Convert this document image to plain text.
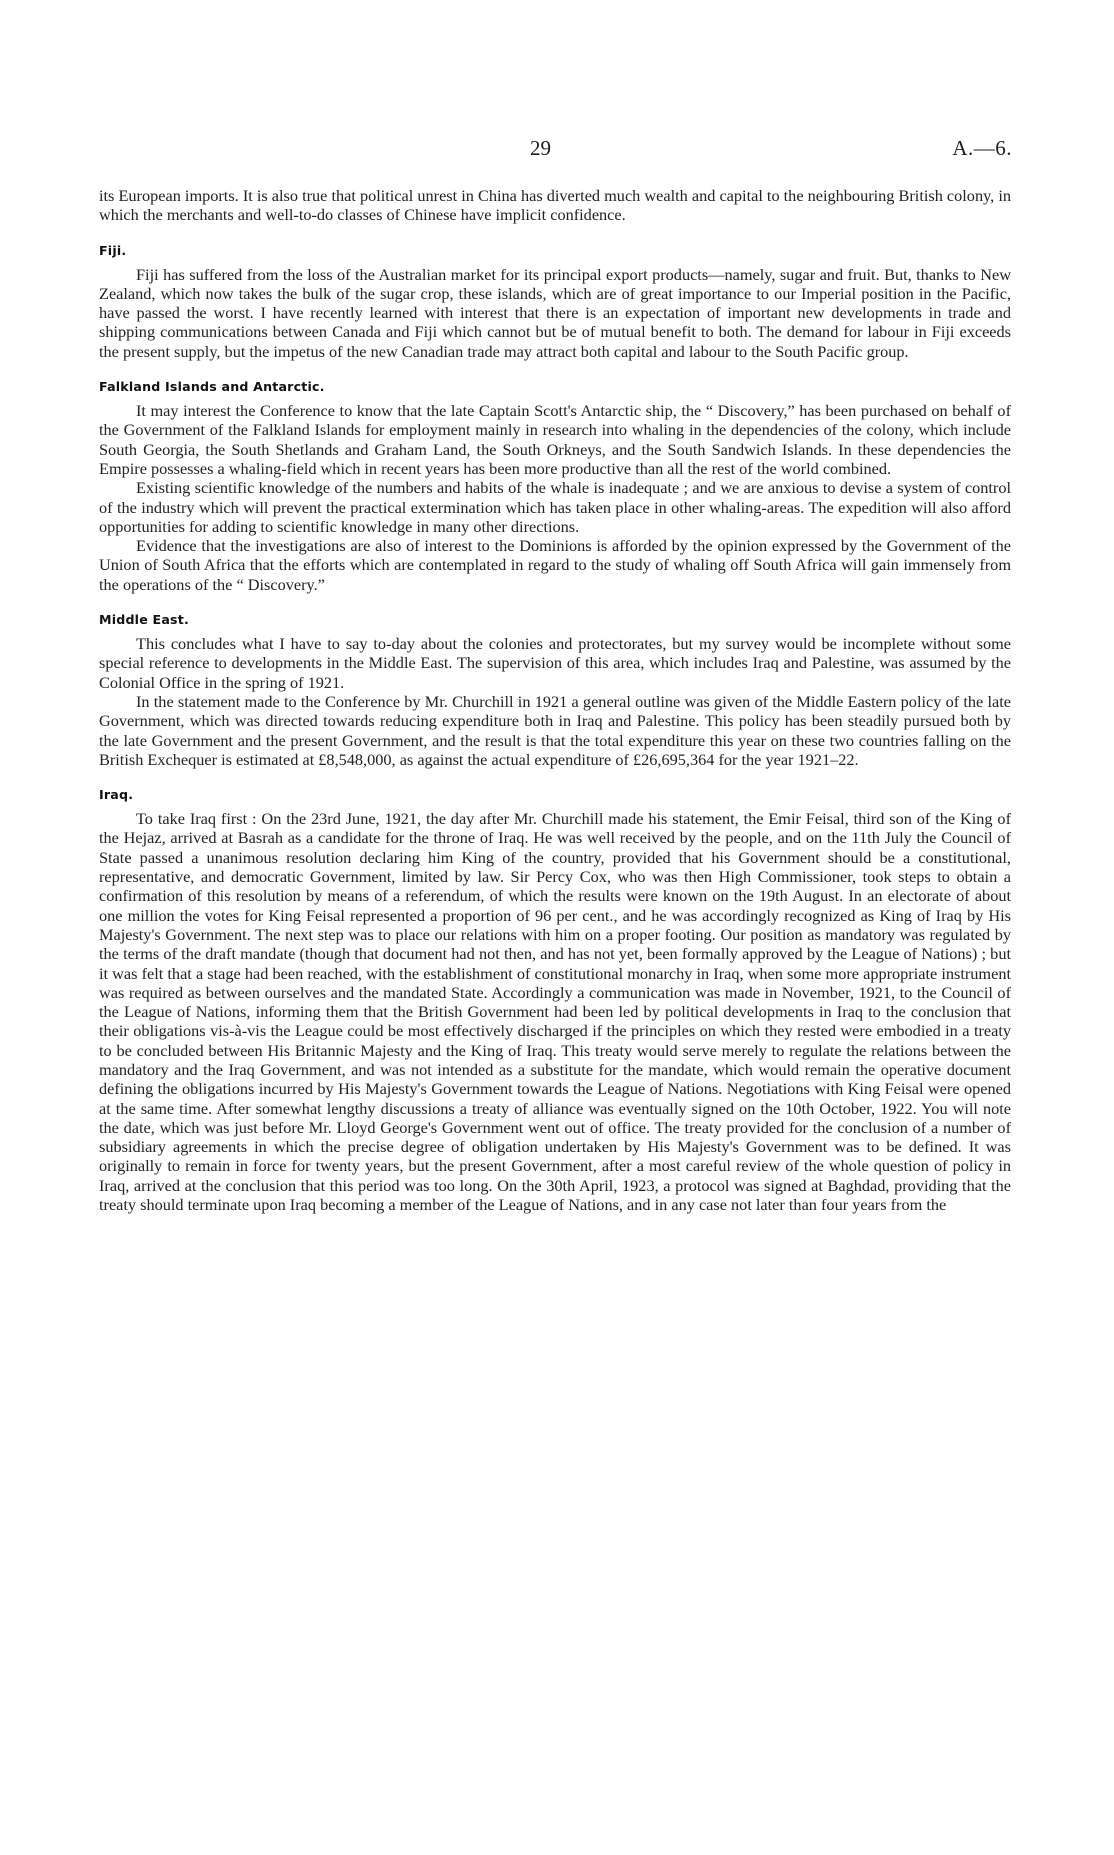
29	A.—6.

its European imports. It is also true that political unrest in China has diverted much wealth and capital to the neighbouring British colony, in which the merchants and well-to-do classes of Chinese have implicit confidence.

Fiji.

Fiji has suffered from the loss of the Australian market for its principal export products—namely, sugar and fruit. But, thanks to New Zealand, which now takes the bulk of the sugar crop, these islands, which are of great importance to our Imperial position in the Pacific, have passed the worst. I have recently learned with interest that there is an expectation of important new developments in trade and shipping communications between Canada and Fiji which cannot but be of mutual benefit to both. The demand for labour in Fiji exceeds the present supply, but the impetus of the new Canadian trade may attract both capital and labour to the South Pacific group.

Falkland Islands and Antarctic.

It may interest the Conference to know that the late Captain Scott's Antarctic ship, the “ Discovery,” has been purchased on behalf of the Government of the Falkland Islands for employment mainly in research into whaling in the dependencies of the colony, which include South Georgia, the South Shetlands and Graham Land, the South Orkneys, and the South Sandwich Islands. In these dependencies the Empire possesses a whaling-field which in recent years has been more productive than all the rest of the world combined.

Existing scientific knowledge of the numbers and habits of the whale is inadequate ; and we are anxious to devise a system of control of the industry which will prevent the practical extermination which has taken place in other whaling-areas. The expedition will also afford opportunities for adding to scientific knowledge in many other directions.

Evidence that the investigations are also of interest to the Dominions is afforded by the opinion expressed by the Government of the Union of South Africa that the efforts which are contemplated in regard to the study of whaling off South Africa will gain immensely from the operations of the “ Discovery.”

Middle East.

This concludes what I have to say to-day about the colonies and protectorates, but my survey would be incomplete without some special reference to developments in the Middle East. The supervision of this area, which includes Iraq and Palestine, was assumed by the Colonial Office in the spring of 1921.

In the statement made to the Conference by Mr. Churchill in 1921 a general outline was given of the Middle Eastern policy of the late Government, which was directed towards reducing expenditure both in Iraq and Palestine. This policy has been steadily pursued both by the late Government and the present Government, and the result is that the total expenditure this year on these two countries falling on the British Exchequer is estimated at £8,548,000, as against the actual expenditure of £26,695,364 for the year 1921–22.

Iraq.

To take Iraq first : On the 23rd June, 1921, the day after Mr. Churchill made his statement, the Emir Feisal, third son of the King of the Hejaz, arrived at Basrah as a candidate for the throne of Iraq. He was well received by the people, and on the 11th July the Council of State passed a unanimous resolution declaring him King of the country, provided that his Government should be a constitutional, representative, and democratic Government, limited by law. Sir Percy Cox, who was then High Commissioner, took steps to obtain a confirmation of this resolution by means of a referendum, of which the results were known on the 19th August. In an electorate of about one million the votes for King Feisal represented a proportion of 96 per cent., and he was accordingly recognized as King of Iraq by His Majesty's Government. The next step was to place our relations with him on a proper footing. Our position as mandatory was regulated by the terms of the draft mandate (though that document had not then, and has not yet, been formally approved by the League of Nations) ; but it was felt that a stage had been reached, with the establishment of constitutional monarchy in Iraq, when some more appropriate instrument was required as between ourselves and the mandated State. Accordingly a communication was made in November, 1921, to the Council of the League of Nations, informing them that the British Government had been led by political developments in Iraq to the conclusion that their obligations vis-à-vis the League could be most effectively discharged if the principles on which they rested were embodied in a treaty to be concluded between His Britannic Majesty and the King of Iraq. This treaty would serve merely to regulate the relations between the mandatory and the Iraq Government, and was not intended as a substitute for the mandate, which would remain the operative document defining the obligations incurred by His Majesty's Government towards the League of Nations. Negotiations with King Feisal were opened at the same time. After somewhat lengthy discussions a treaty of alliance was eventually signed on the 10th October, 1922. You will note the date, which was just before Mr. Lloyd George's Government went out of office. The treaty provided for the conclusion of a number of subsidiary agreements in which the precise degree of obligation undertaken by His Majesty's Government was to be defined. It was originally to remain in force for twenty years, but the present Government, after a most careful review of the whole question of policy in Iraq, arrived at the conclusion that this period was too long. On the 30th April, 1923, a protocol was signed at Baghdad, providing that the treaty should terminate upon Iraq becoming a member of the League of Nations, and in any case not later than four years from the
